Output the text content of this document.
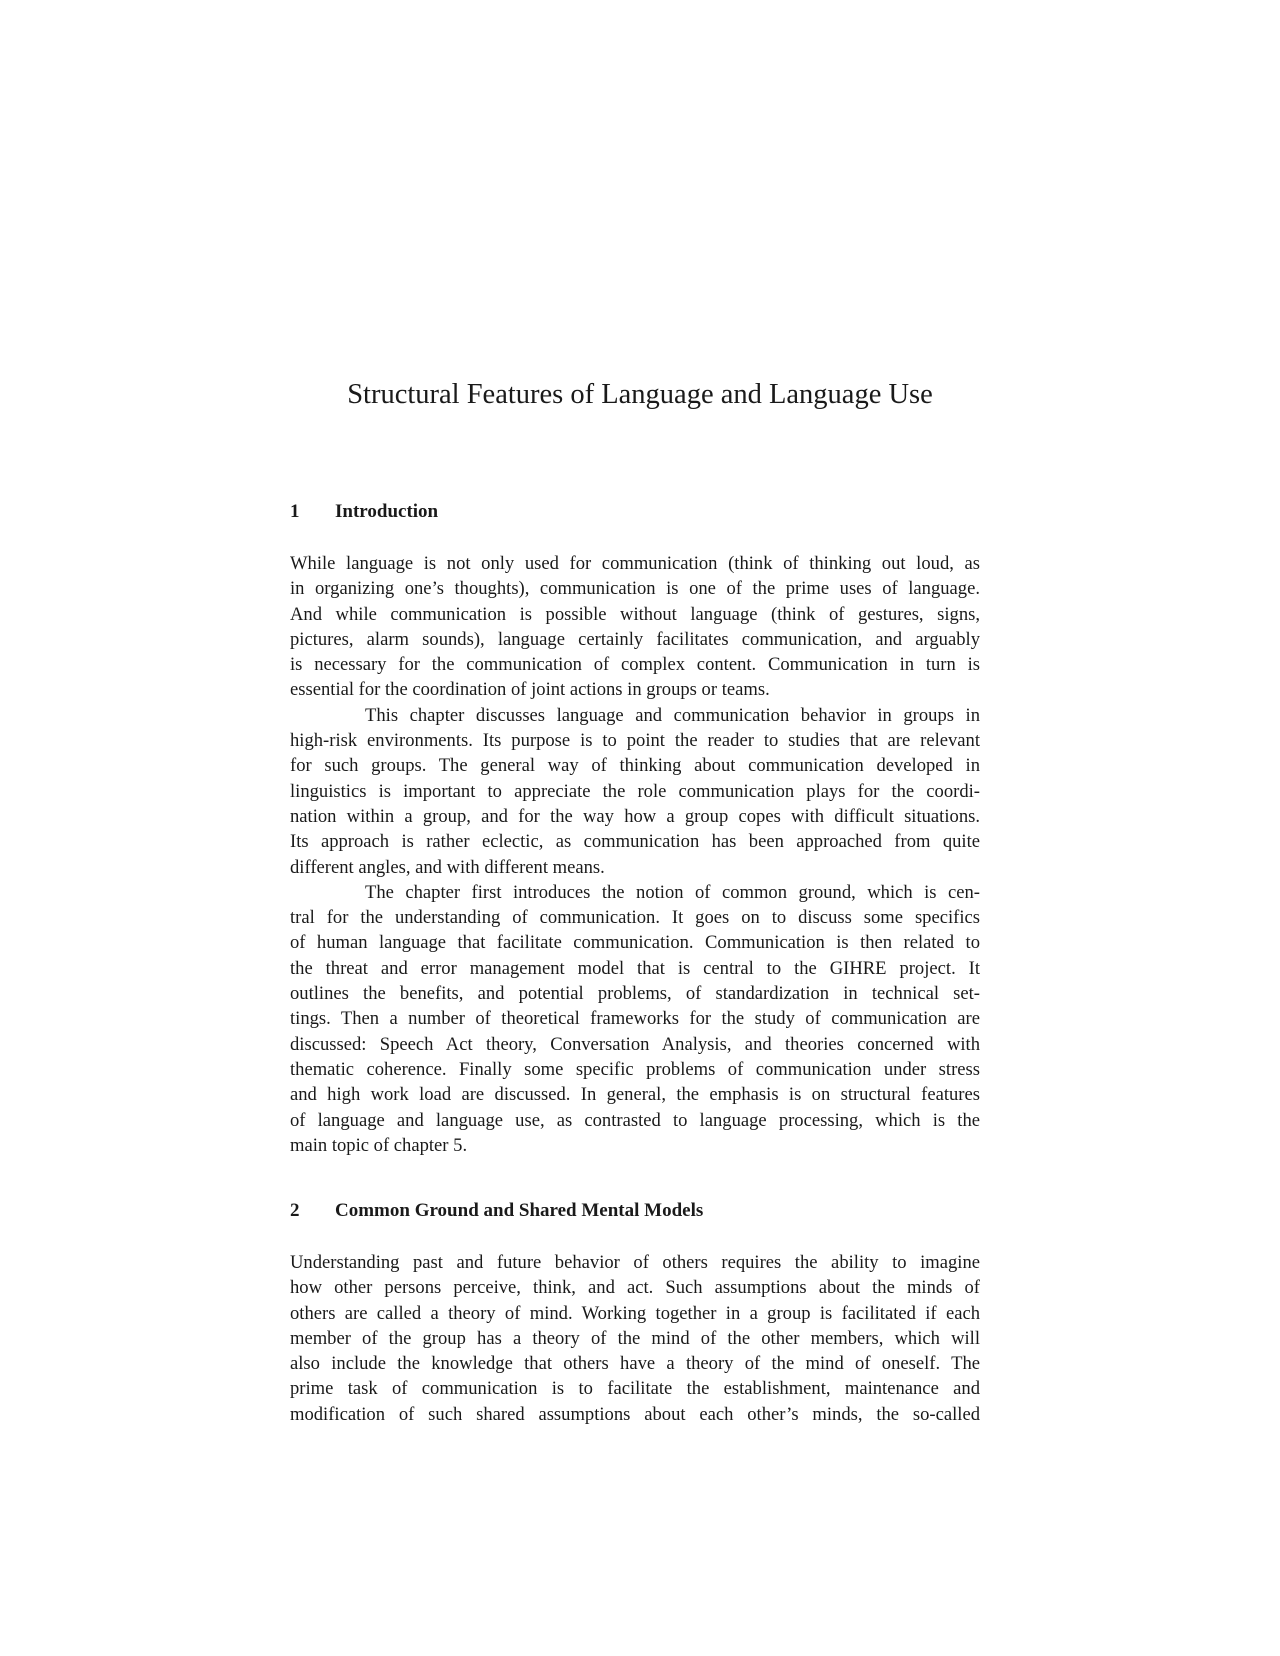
Structural Features of Language and Language Use
1 Introduction
While language is not only used for communication (think of thinking out loud, as
in organizing one’s thoughts), communication is one of the prime uses of language.
And while communication is possible without language (think of gestures, signs,
pictures, alarm sounds), language certainly facilitates communication, and arguably
is necessary for the communication of complex content. Communication in turn is
essential for the coordination of joint actions in groups or teams.
This chapter discusses language and communication behavior in groups in
high-risk environments. Its purpose is to point the reader to studies that are relevant
for such groups. The general way of thinking about communication developed in
linguistics is important to appreciate the role communication plays for the coordi-
nation within a group, and for the way how a group copes with difficult situations.
Its approach is rather eclectic, as communication has been approached from quite
different angles, and with different means.
The chapter first introduces the notion of common ground, which is cen-
tral for the understanding of communication. It goes on to discuss some specifics
of human language that facilitate communication. Communication is then related to
the threat and error management model that is central to the GIHRE project. It
outlines the benefits, and potential problems, of standardization in technical set-
tings. Then a number of theoretical frameworks for the study of communication are
discussed: Speech Act theory, Conversation Analysis, and theories concerned with
thematic coherence. Finally some specific problems of communication under stress
and high work load are discussed. In general, the emphasis is on structural features
of language and language use, as contrasted to language processing, which is the
main topic of chapter 5.
2 Common Ground and Shared Mental Models
Understanding past and future behavior of others requires the ability to imagine
how other persons perceive, think, and act. Such assumptions about the minds of
others are called a theory of mind. Working together in a group is facilitated if each
member of the group has a theory of the mind of the other members, which will
also include the knowledge that others have a theory of the mind of oneself. The
prime task of communication is to facilitate the establishment, maintenance and
modification of such shared assumptions about each other’s minds, the so-called
